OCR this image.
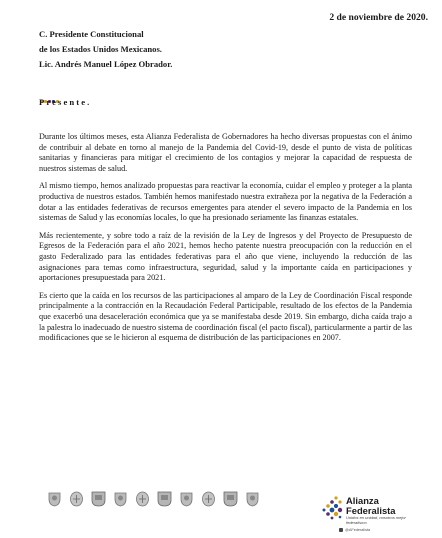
2 de noviembre de 2020.
C. Presidente Constitucional
de los Estados Unidos Mexicanos.
Lic. Andrés Manuel López Obrador.
Presente.

Durante los últimos meses, esta Alianza Federalista de Gobernadores ha hecho diversas propuestas con el ánimo de contribuir al debate en torno al manejo de la Pandemia del Covid-19, desde el punto de vista de políticas sanitarias y financieras para mitigar el crecimiento de los contagios y mejorar la capacidad de respuesta de nuestros sistemas de salud.

Al mismo tiempo, hemos analizado propuestas para reactivar la economía, cuidar el empleo y proteger a la planta productiva de nuestros estados. También hemos manifestado nuestra extrañeza por la negativa de la Federación a dotar a las entidades federativas de recursos emergentes para atender el severo impacto de la Pandemia en los sistemas de Salud y las economías locales, lo que ha presionado seriamente las finanzas estatales.

Más recientemente, y sobre todo a raíz de la revisión de la Ley de Ingresos y del Proyecto de Presupuesto de Egresos de la Federación para el año 2021, hemos hecho patente nuestra preocupación con la reducción en el gasto Federalizado para las entidades federativas para el año que viene, incluyendo la reducción de las asignaciones para temas como infraestructura, seguridad, salud y la importante caída en participaciones y aportaciones presupuestada para 2021.

Es cierto que la caída en los recursos de las participaciones al amparo de la Ley de Coordinación Fiscal responde principalmente a la contracción en la Recaudación Federal Participable, resultado de los efectos de la Pandemia que exacerbó una desaceleración económica que ya se manifestaba desde 2019. Sin embargo, dicha caída trajo a la palestra lo inadecuado de nuestro sistema de coordinación fiscal (el pacto fiscal), particularmente a partir de las modificaciones que se le hicieron al esquema de distribución de las participaciones en 2007.

Alianza
Federalista
Unidos en unidad, nosotros mejor federalismo
@AFederalista
